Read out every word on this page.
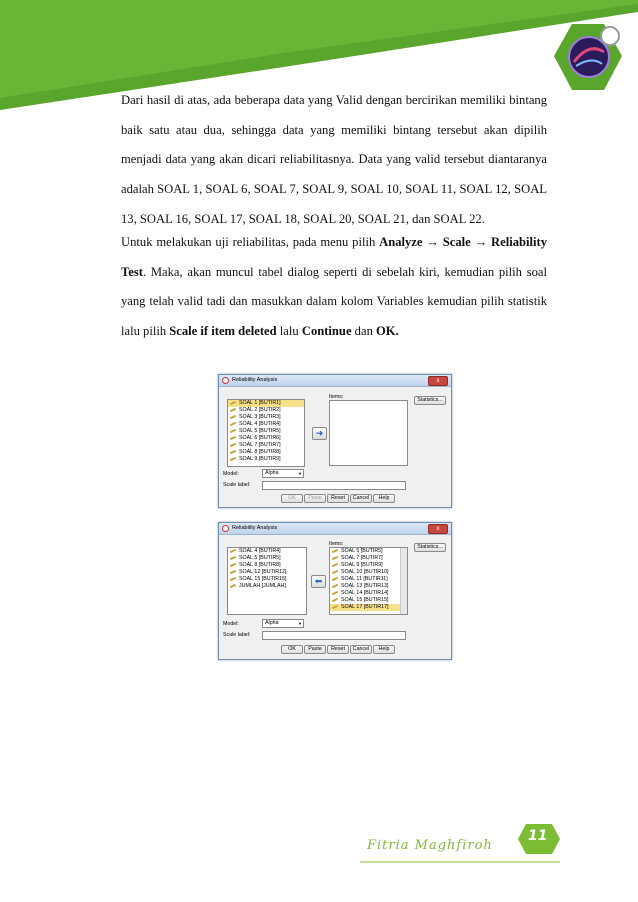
Dari hasil di atas, ada beberapa data yang Valid dengan bercirikan memiliki bintang baik satu atau dua, sehingga data yang memiliki bintang tersebut akan dipilih menjadi data yang akan dicari reliabilitasnya. Data yang valid tersebut diantaranya adalah SOAL 1, SOAL 6, SOAL 7, SOAL 9, SOAL 10, SOAL 11, SOAL 12, SOAL 13, SOAL 16, SOAL 17, SOAL 18, SOAL 20, SOAL 21, dan SOAL 22.

Untuk melakukan uji reliabilitas, pada menu pilih Analyze → Scale → Reliability Test. Maka, akan muncul tabel dialog seperti di sebelah kiri, kemudian pilih soal yang telah valid tadi dan masukkan dalam kolom Variables kemudian pilih statistik lalu pilih Scale if item deleted lalu Continue dan OK.

Reliability Analysis	x
SOAL 1 [BUTIR1]
SOAL 2 [BUTIR2]
SOAL 3 [BUTIR3]
SOAL 4 [BUTIR4]
SOAL 5 [BUTIR5]
SOAL 6 [BUTIR6]
SOAL 7 [BUTIR7]
SOAL 8 [BUTIR8]
SOAL 9 [BUTIR9]
➜
Items:	Statistics...
Model:	Alpha	▼
Scale label:
OK	Paste	Reset	Cancel	Help
Reliability Analysis	x
SOAL 4 [BUTIR4]
SOAL 5 [BUTIR5]
SOAL 8 [BUTIR8]
SOAL 12 [BUTIR12]
SOAL 15 [BUTIR15]
JUMLAH [JUMLAH]	⬅
Items:
SOAL 5 [BUTIR5]
SOAL 7 [BUTIR7]
SOAL 9 [BUTIR9]
SOAL 10 [BUTIR10]
SOAL 11 [BUTIR11]
SOAL 13 [BUTIR13]
SOAL 14 [BUTIR14]
SOAL 15 [BUTIR15]
SOAL 17 [BUTIR17]
Statistics...
Model:	Alpha	▼
Scale label:
OK	Paste	Reset	Cancel	Help
Fitria Maghfiroh
11
